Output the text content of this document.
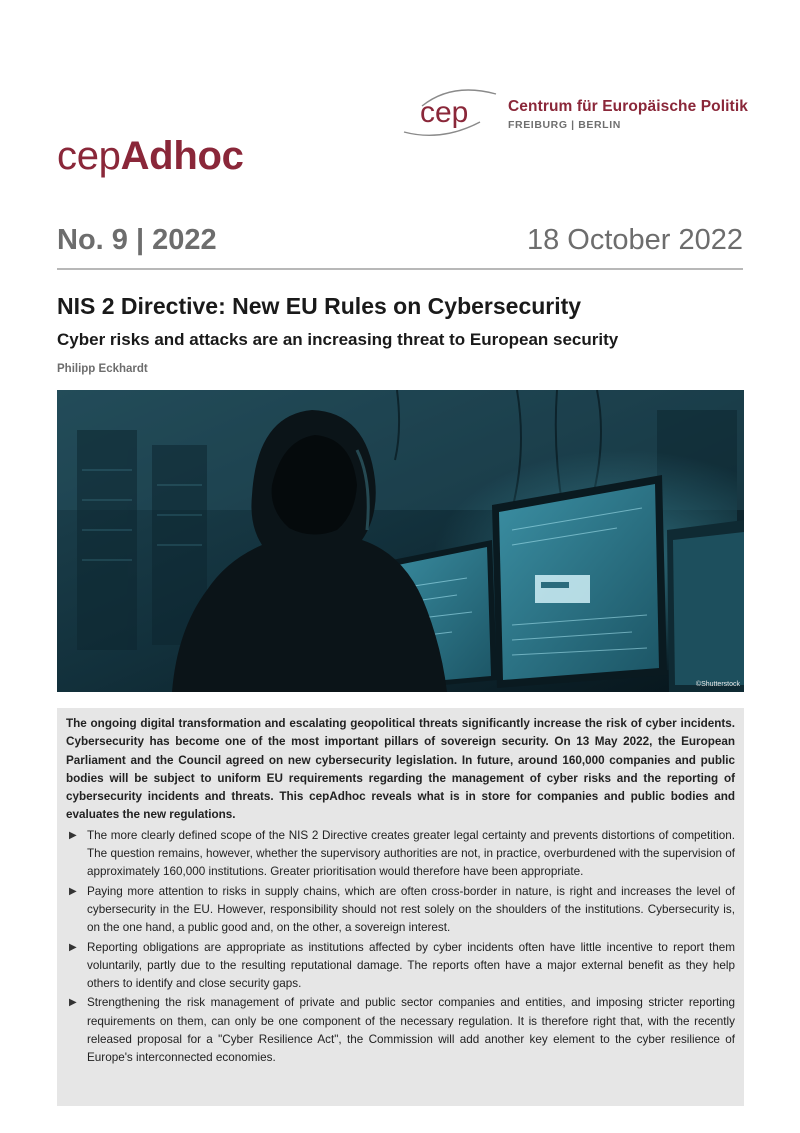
cep	Centrum für Europäische Politik
FREIBURG | BERLIN
cepAdhoc
No. 9 | 2022	18 October 2022
NIS 2 Directive: New EU Rules on Cybersecurity
Cyber risks and attacks are an increasing threat to European security
Philipp Eckhardt
©Shutterstock

The ongoing digital transformation and escalating geopolitical threats significantly increase the risk of cyber incidents. Cybersecurity has become one of the most important pillars of sovereign security. On 13 May 2022, the European Parliament and the Council agreed on new cybersecurity legislation. In future, around 160,000 companies and public bodies will be subject to uniform EU requirements regarding the management of cyber risks and the reporting of cybersecurity incidents and threats. This cepAdhoc reveals what is in store for companies and public bodies and evaluates the new regulations.

▶ The more clearly defined scope of the NIS 2 Directive creates greater legal certainty and prevents distortions of competition. The question remains, however, whether the supervisory authorities are not, in practice, overburdened with the supervision of approximately 160,000 institutions. Greater prioritisation would therefore have been appropriate.
▶ Paying more attention to risks in supply chains, which are often cross-border in nature, is right and increases the level of cybersecurity in the EU. However, responsibility should not rest solely on the shoulders of the institutions. Cybersecurity is, on the one hand, a public good and, on the other, a sovereign interest.
▶ Reporting obligations are appropriate as institutions affected by cyber incidents often have little incentive to report them voluntarily, partly due to the resulting reputational damage. The reports often have a major external benefit as they help others to identify and close security gaps.
▶ Strengthening the risk management of private and public sector companies and entities, and imposing stricter reporting requirements on them, can only be one component of the necessary regulation. It is therefore right that, with the recently released proposal for a "Cyber Resilience Act", the Commission will add another key element to the cyber resilience of Europe's interconnected economies.
